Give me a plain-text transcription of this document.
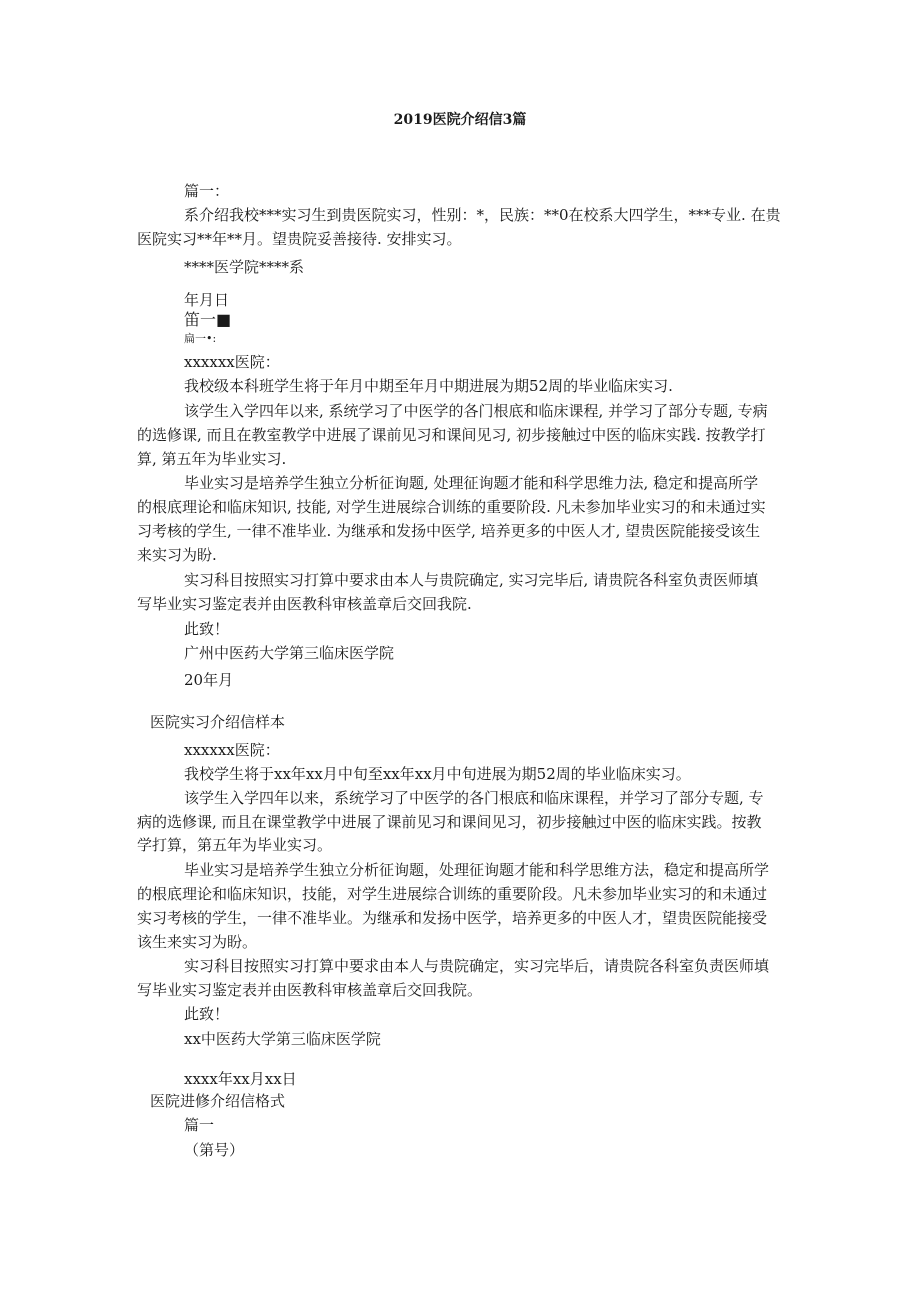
2019医院介绍信3篇
篇一：
系介绍我校***实习生到贵医院实习，性别：*，民族：**0在校系大四学生，***专业. 在贵
医院实习**年**月。望贵院妥善接待. 安排实习。
****医学院****系
年月日
笛一■
扁一•:
xxxxxx医院：
我校级本科班学生将于年月中期至年月中期进展为期52周的毕业临床实习.
该学生入学四年以来, 系统学习了中医学的各门根底和临床课程, 并学习了部分专题, 专病
的选修课, 而且在教室教学中进展了课前见习和课间见习, 初步接触过中医的临床实践. 按教学打
算, 第五年为毕业实习.
毕业实习是培养学生独立分析征询题, 处理征询题才能和科学思维力法, 稳定和提高所学
的根底理论和临床知识, 技能, 对学生进展综合训练的重要阶段. 凡未参加毕业实习的和未通过实
习考核的学生, 一律不准毕业. 为继承和发扬中医学, 培养更多的中医人才, 望贵医院能接受该生
来实习为盼.
实习科目按照实习打算中要求由本人与贵院确定, 实习完毕后, 请贵院各科室负责医师填
写毕业实习鉴定表并由医教科审核盖章后交回我院.
此致！
广州中医药大学第三临床医学院
20年月
医院实习介绍信样本
xxxxxx医院：
我校学生将于xx年xx月中旬至xx年xx月中旬进展为期52周的毕业临床实习。
该学生入学四年以来，系统学习了中医学的各门根底和临床课程，并学习了部分专题, 专
病的选修课, 而且在课堂教学中进展了课前见习和课间见习，初步接触过中医的临床实践。按教
学打算，第五年为毕业实习。
毕业实习是培养学生独立分析征询题，处理征询题才能和科学思维方法，稳定和提高所学
的根底理论和临床知识，技能，对学生进展综合训练的重要阶段。凡未参加毕业实习的和未通过
实习考核的学生，一律不准毕业。为继承和发扬中医学，培养更多的中医人才，望贵医院能接受
该生来实习为盼。
实习科目按照实习打算中要求由本人与贵院确定，实习完毕后，请贵院各科室负责医师填
写毕业实习鉴定表并由医教科审核盖章后交回我院。
此致！
xx中医药大学第三临床医学院
xxxx年xx月xx日
医院进修介绍信格式
篇一
（第号）
